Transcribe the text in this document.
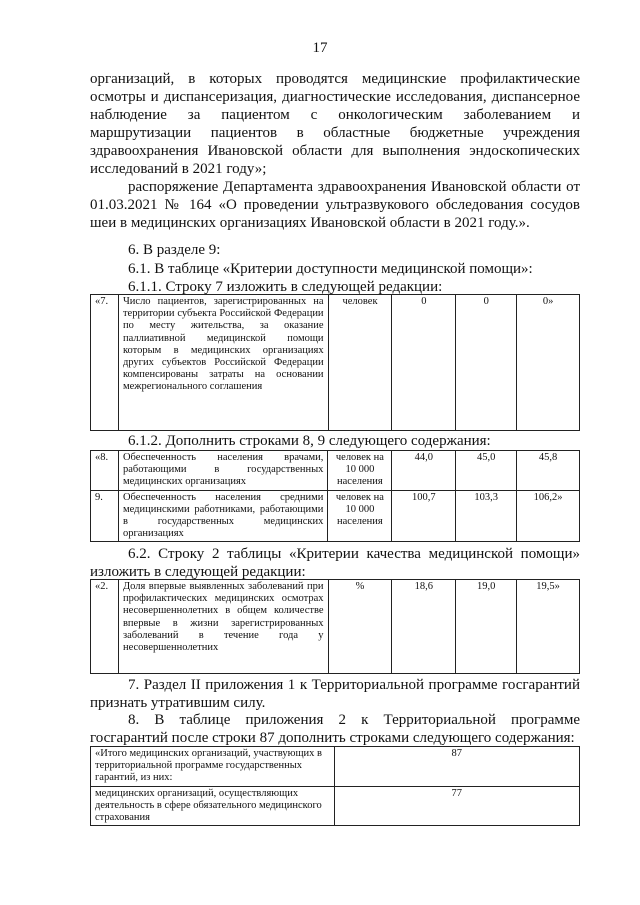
17
организаций, в которых проводятся медицинские профилактические осмотры и диспансеризация, диагностические исследования, диспансерное наблюдение за пациентом с онкологическим заболеванием и маршрутизации пациентов в областные бюджетные учреждения здравоохранения Ивановской области для выполнения эндоскопических исследований в 2021 году»;
распоряжение Департамента здравоохранения Ивановской области от 01.03.2021 № 164 «О проведении ультразвукового обследования сосудов шеи в медицинских организациях Ивановской области в 2021 году.».
6. В разделе 9:
6.1. В таблице «Критерии доступности медицинской помощи»:
6.1.1. Строку 7 изложить в следующей редакции:
«7.	Число пациентов, зарегистрированных на территории субъекта Российской Федерации по месту жительства, за оказание паллиативной медицинской помощи которым в медицинских организациях других субъектов Российской Федерации компенсированы затраты на основании межрегионального соглашения	человек	0	0	0»
6.1.2. Дополнить строками 8, 9 следующего содержания:
«8.	Обеспеченность населения врачами, работающими в государственных медицинских организациях	человек на 10 000 населения	44,0	45,0	45,8
9.	Обеспеченность населения средними медицинскими работниками, работающими в государственных медицинских организациях	человек на 10 000 населения	100,7	103,3	106,2»
6.2. Строку 2 таблицы «Критерии качества медицинской помощи» изложить в следующей редакции:
«2.	Доля впервые выявленных заболеваний при профилактических медицинских осмотрах несовершеннолетних в общем количестве впервые в жизни зарегистрированных заболеваний в течение года у несовершеннолетних	%	18,6	19,0	19,5»
7. Раздел II приложения 1 к Территориальной программе госгарантий признать утратившим силу.
8. В таблице приложения 2 к Территориальной программе госгарантий после строки 87 дополнить строками следующего содержания:
«Итого медицинских организаций, участвующих в территориальной программе государственных гарантий, из них:	87
медицинских организаций, осуществляющих деятельность в сфере обязательного медицинского страхования	77
